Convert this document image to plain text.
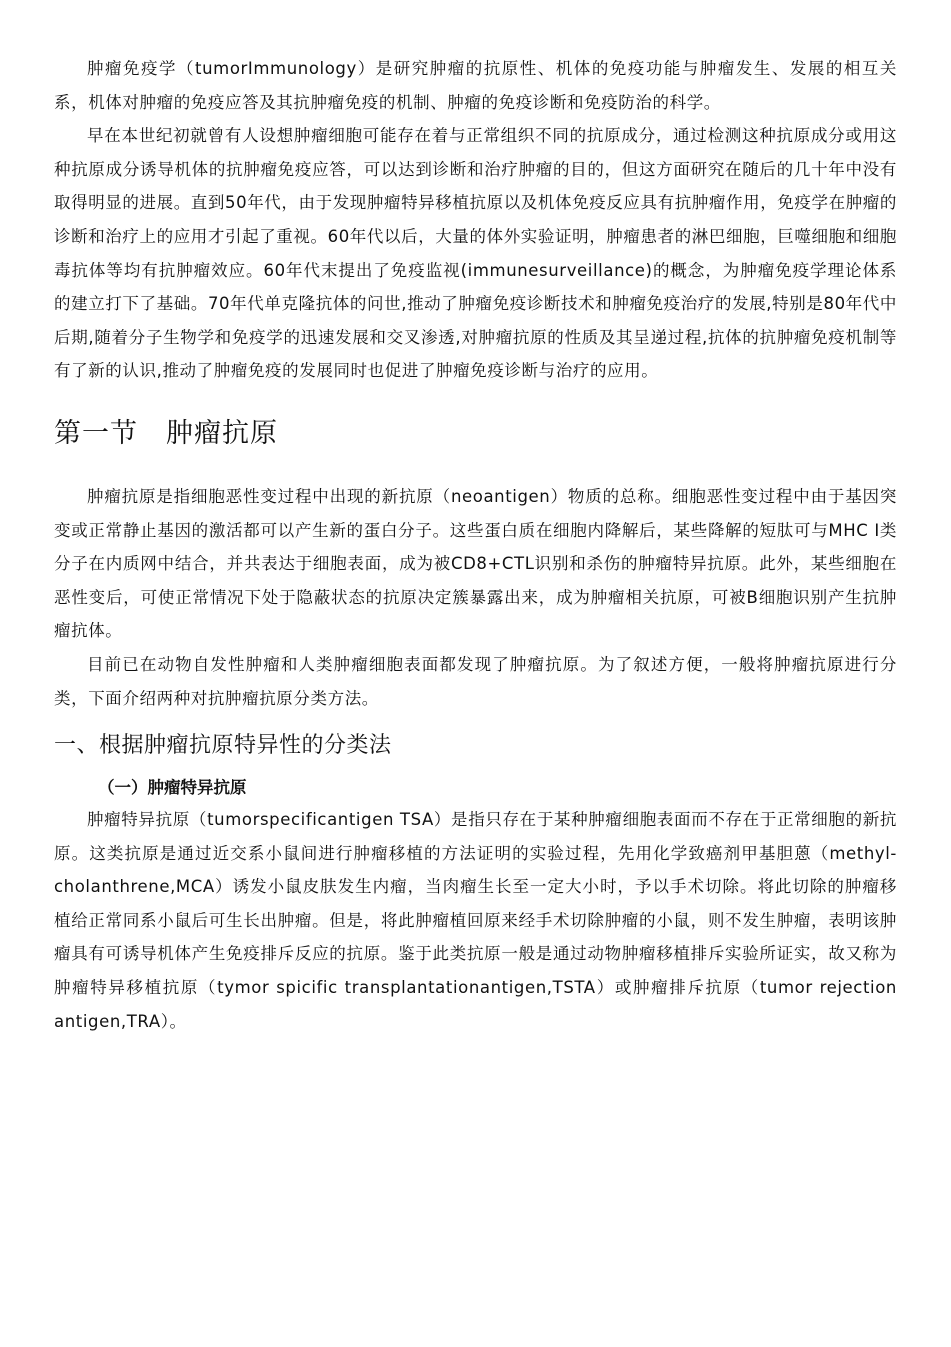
肿瘤免疫学（tumorImmunology）是研究肿瘤的抗原性、机体的免疫功能与肿瘤发生、发展的相互关系，机体对肿瘤的免疫应答及其抗肿瘤免疫的机制、肿瘤的免疫诊断和免疫防治的科学。

早在本世纪初就曾有人设想肿瘤细胞可能存在着与正常组织不同的抗原成分，通过检测这种抗原成分或用这种抗原成分诱导机体的抗肿瘤免疫应答，可以达到诊断和治疗肿瘤的目的，但这方面研究在随后的几十年中没有取得明显的进展。直到50年代，由于发现肿瘤特异移植抗原以及机体免疫反应具有抗肿瘤作用，免疫学在肿瘤的诊断和治疗上的应用才引起了重视。60年代以后，大量的体外实验证明，肿瘤患者的淋巴细胞，巨噬细胞和细胞毒抗体等均有抗肿瘤效应。60年代末提出了免疫监视(immunesurveillance)的概念，为肿瘤免疫学理论体系的建立打下了基础。70年代单克隆抗体的问世,推动了肿瘤免疫诊断技术和肿瘤免疫治疗的发展,特别是80年代中后期,随着分子生物学和免疫学的迅速发展和交叉渗透,对肿瘤抗原的性质及其呈递过程,抗体的抗肿瘤免疫机制等有了新的认识,推动了肿瘤免疫的发展同时也促进了肿瘤免疫诊断与治疗的应用。

第一节 肿瘤抗原

肿瘤抗原是指细胞恶性变过程中出现的新抗原（neoantigen）物质的总称。细胞恶性变过程中由于基因突变或正常静止基因的激活都可以产生新的蛋白分子。这些蛋白质在细胞内降解后，某些降解的短肽可与MHC I类分子在内质网中结合，并共表达于细胞表面，成为被CD8+CTL识别和杀伤的肿瘤特异抗原。此外，某些细胞在恶性变后，可使正常情况下处于隐蔽状态的抗原决定簇暴露出来，成为肿瘤相关抗原，可被B细胞识别产生抗肿瘤抗体。

目前已在动物自发性肿瘤和人类肿瘤细胞表面都发现了肿瘤抗原。为了叙述方便，一般将肿瘤抗原进行分类，下面介绍两种对抗肿瘤抗原分类方法。

一、根据肿瘤抗原特异性的分类法
（一）肿瘤特异抗原

肿瘤特异抗原（tumorspecificantigen TSA）是指只存在于某种肿瘤细胞表面而不存在于正常细胞的新抗原。这类抗原是通过近交系小鼠间进行肿瘤移植的方法证明的实验过程，先用化学致癌剂甲基胆蒽（methyl-cholanthrene,MCA）诱发小鼠皮肤发生内瘤，当肉瘤生长至一定大小时，予以手术切除。将此切除的肿瘤移植给正常同系小鼠后可生长出肿瘤。但是，将此肿瘤植回原来经手术切除肿瘤的小鼠，则不发生肿瘤，表明该肿瘤具有可诱导机体产生免疫排斥反应的抗原。鉴于此类抗原一般是通过动物肿瘤移植排斥实验所证实，故又称为肿瘤特异移植抗原（tymor spicific transplantationantigen,TSTA）或肿瘤排斥抗原（tumor rejection antigen,TRA）。
